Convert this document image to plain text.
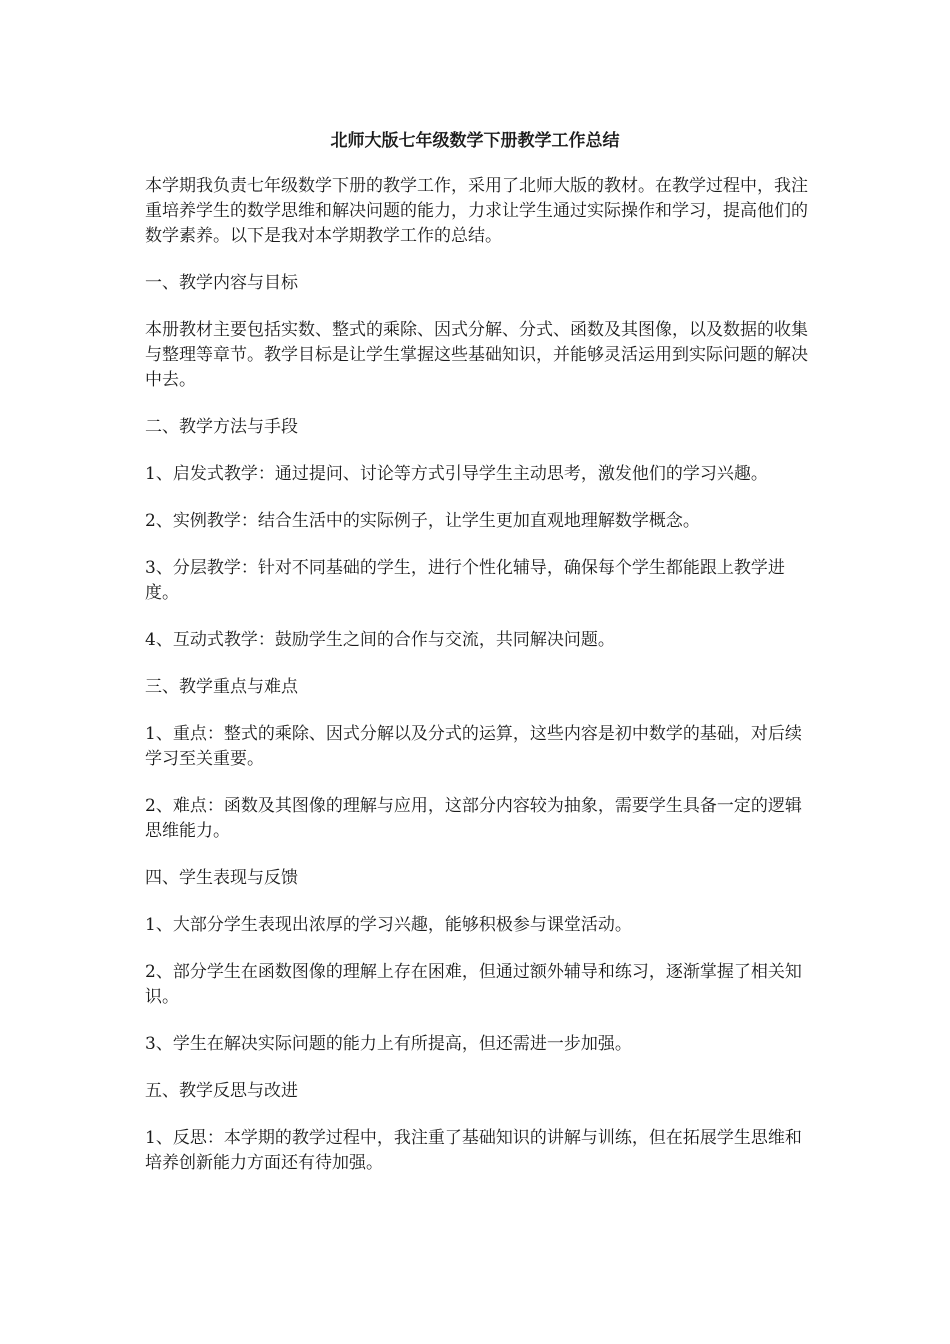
北师大版七年级数学下册教学工作总结

本学期我负责七年级数学下册的教学工作，采用了北师大版的教材。在教学过程中，我注重培养学生的数学思维和解决问题的能力，力求让学生通过实际操作和学习，提高他们的数学素养。以下是我对本学期教学工作的总结。

一、教学内容与目标

本册教材主要包括实数、整式的乘除、因式分解、分式、函数及其图像，以及数据的收集与整理等章节。教学目标是让学生掌握这些基础知识，并能够灵活运用到实际问题的解决中去。

二、教学方法与手段

1、启发式教学：通过提问、讨论等方式引导学生主动思考，激发他们的学习兴趣。

2、实例教学：结合生活中的实际例子，让学生更加直观地理解数学概念。

3、分层教学：针对不同基础的学生，进行个性化辅导，确保每个学生都能跟上教学进度。

4、互动式教学：鼓励学生之间的合作与交流，共同解决问题。

三、教学重点与难点

1、重点：整式的乘除、因式分解以及分式的运算，这些内容是初中数学的基础，对后续学习至关重要。

2、难点：函数及其图像的理解与应用，这部分内容较为抽象，需要学生具备一定的逻辑思维能力。

四、学生表现与反馈

1、大部分学生表现出浓厚的学习兴趣，能够积极参与课堂活动。

2、部分学生在函数图像的理解上存在困难，但通过额外辅导和练习，逐渐掌握了相关知识。

3、学生在解决实际问题的能力上有所提高，但还需进一步加强。

五、教学反思与改进

1、反思：本学期的教学过程中，我注重了基础知识的讲解与训练，但在拓展学生思维和培养创新能力方面还有待加强。
